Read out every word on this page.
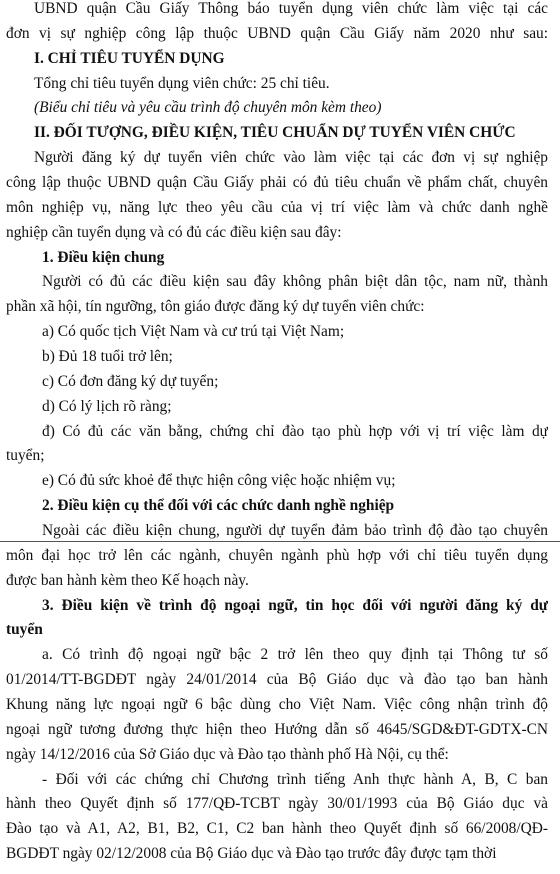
UBND quận Cầu Giấy Thông báo tuyển dụng viên chức làm việc tại các
đơn vị sự nghiệp công lập thuộc UBND quận Cầu Giấy năm 2020 như sau:
I. CHỈ TIÊU TUYỂN DỤNG
Tổng chỉ tiêu tuyển dụng viên chức: 25 chỉ tiêu.
(Biểu chỉ tiêu và yêu cầu trình độ chuyên môn kèm theo)
II. ĐỐI TƯỢNG, ĐIỀU KIỆN, TIÊU CHUẨN DỰ TUYỂN VIÊN CHỨC
Người đăng ký dự tuyển viên chức vào làm việc tại các đơn vị sự nghiệp
công lập thuộc UBND quận Cầu Giấy phải có đủ tiêu chuẩn về phẩm chất, chuyên
môn nghiệp vụ, năng lực theo yêu cầu của vị trí việc làm và chức danh nghề
nghiệp cần tuyển dụng và có đủ các điều kiện sau đây:
1. Điều kiện chung
Người có đủ các điều kiện sau đây không phân biệt dân tộc, nam nữ, thành
phần xã hội, tín ngưỡng, tôn giáo được đăng ký dự tuyển viên chức:
a) Có quốc tịch Việt Nam và cư trú tại Việt Nam;
b) Đủ 18 tuổi trở lên;
c) Có đơn đăng ký dự tuyển;
d) Có lý lịch rõ ràng;
đ) Có đủ các văn bằng, chứng chỉ đào tạo phù hợp với vị trí việc làm dự
tuyển;
e) Có đủ sức khoẻ để thực hiện công việc hoặc nhiệm vụ;
2. Điều kiện cụ thể đối với các chức danh nghề nghiệp
Ngoài các điều kiện chung, người dự tuyển đảm bảo trình độ đào tạo chuyên
môn đại học trở lên các ngành, chuyên ngành phù hợp với chỉ tiêu tuyển dụng
được ban hành kèm theo Kế hoạch này.
3. Điều kiện về trình độ ngoại ngữ, tin học đối với người đăng ký dự
tuyển
a. Có trình độ ngoại ngữ bậc 2 trở lên theo quy định tại Thông tư số
01/2014/TT-BGDĐT ngày 24/01/2014 của Bộ Giáo dục và đào tạo ban hành
Khung năng lực ngoại ngữ 6 bậc dùng cho Việt Nam. Việc công nhận trình độ
ngoại ngữ tương đương thực hiện theo Hướng dẫn số 4645/SGD&ĐT-GDTX-CN
ngày 14/12/2016 của Sở Giáo dục và Đào tạo thành phố Hà Nội, cụ thể:
- Đối với các chứng chỉ Chương trình tiếng Anh thực hành A, B, C ban
hành theo Quyết định số 177/QĐ-TCBT ngày 30/01/1993 của Bộ Giáo dục và
Đào tạo và A1, A2, B1, B2, C1, C2 ban hành theo Quyết định số 66/2008/QĐ-
BGDĐT ngày 02/12/2008 của Bộ Giáo dục và Đào tạo trước đây được tạm thời
